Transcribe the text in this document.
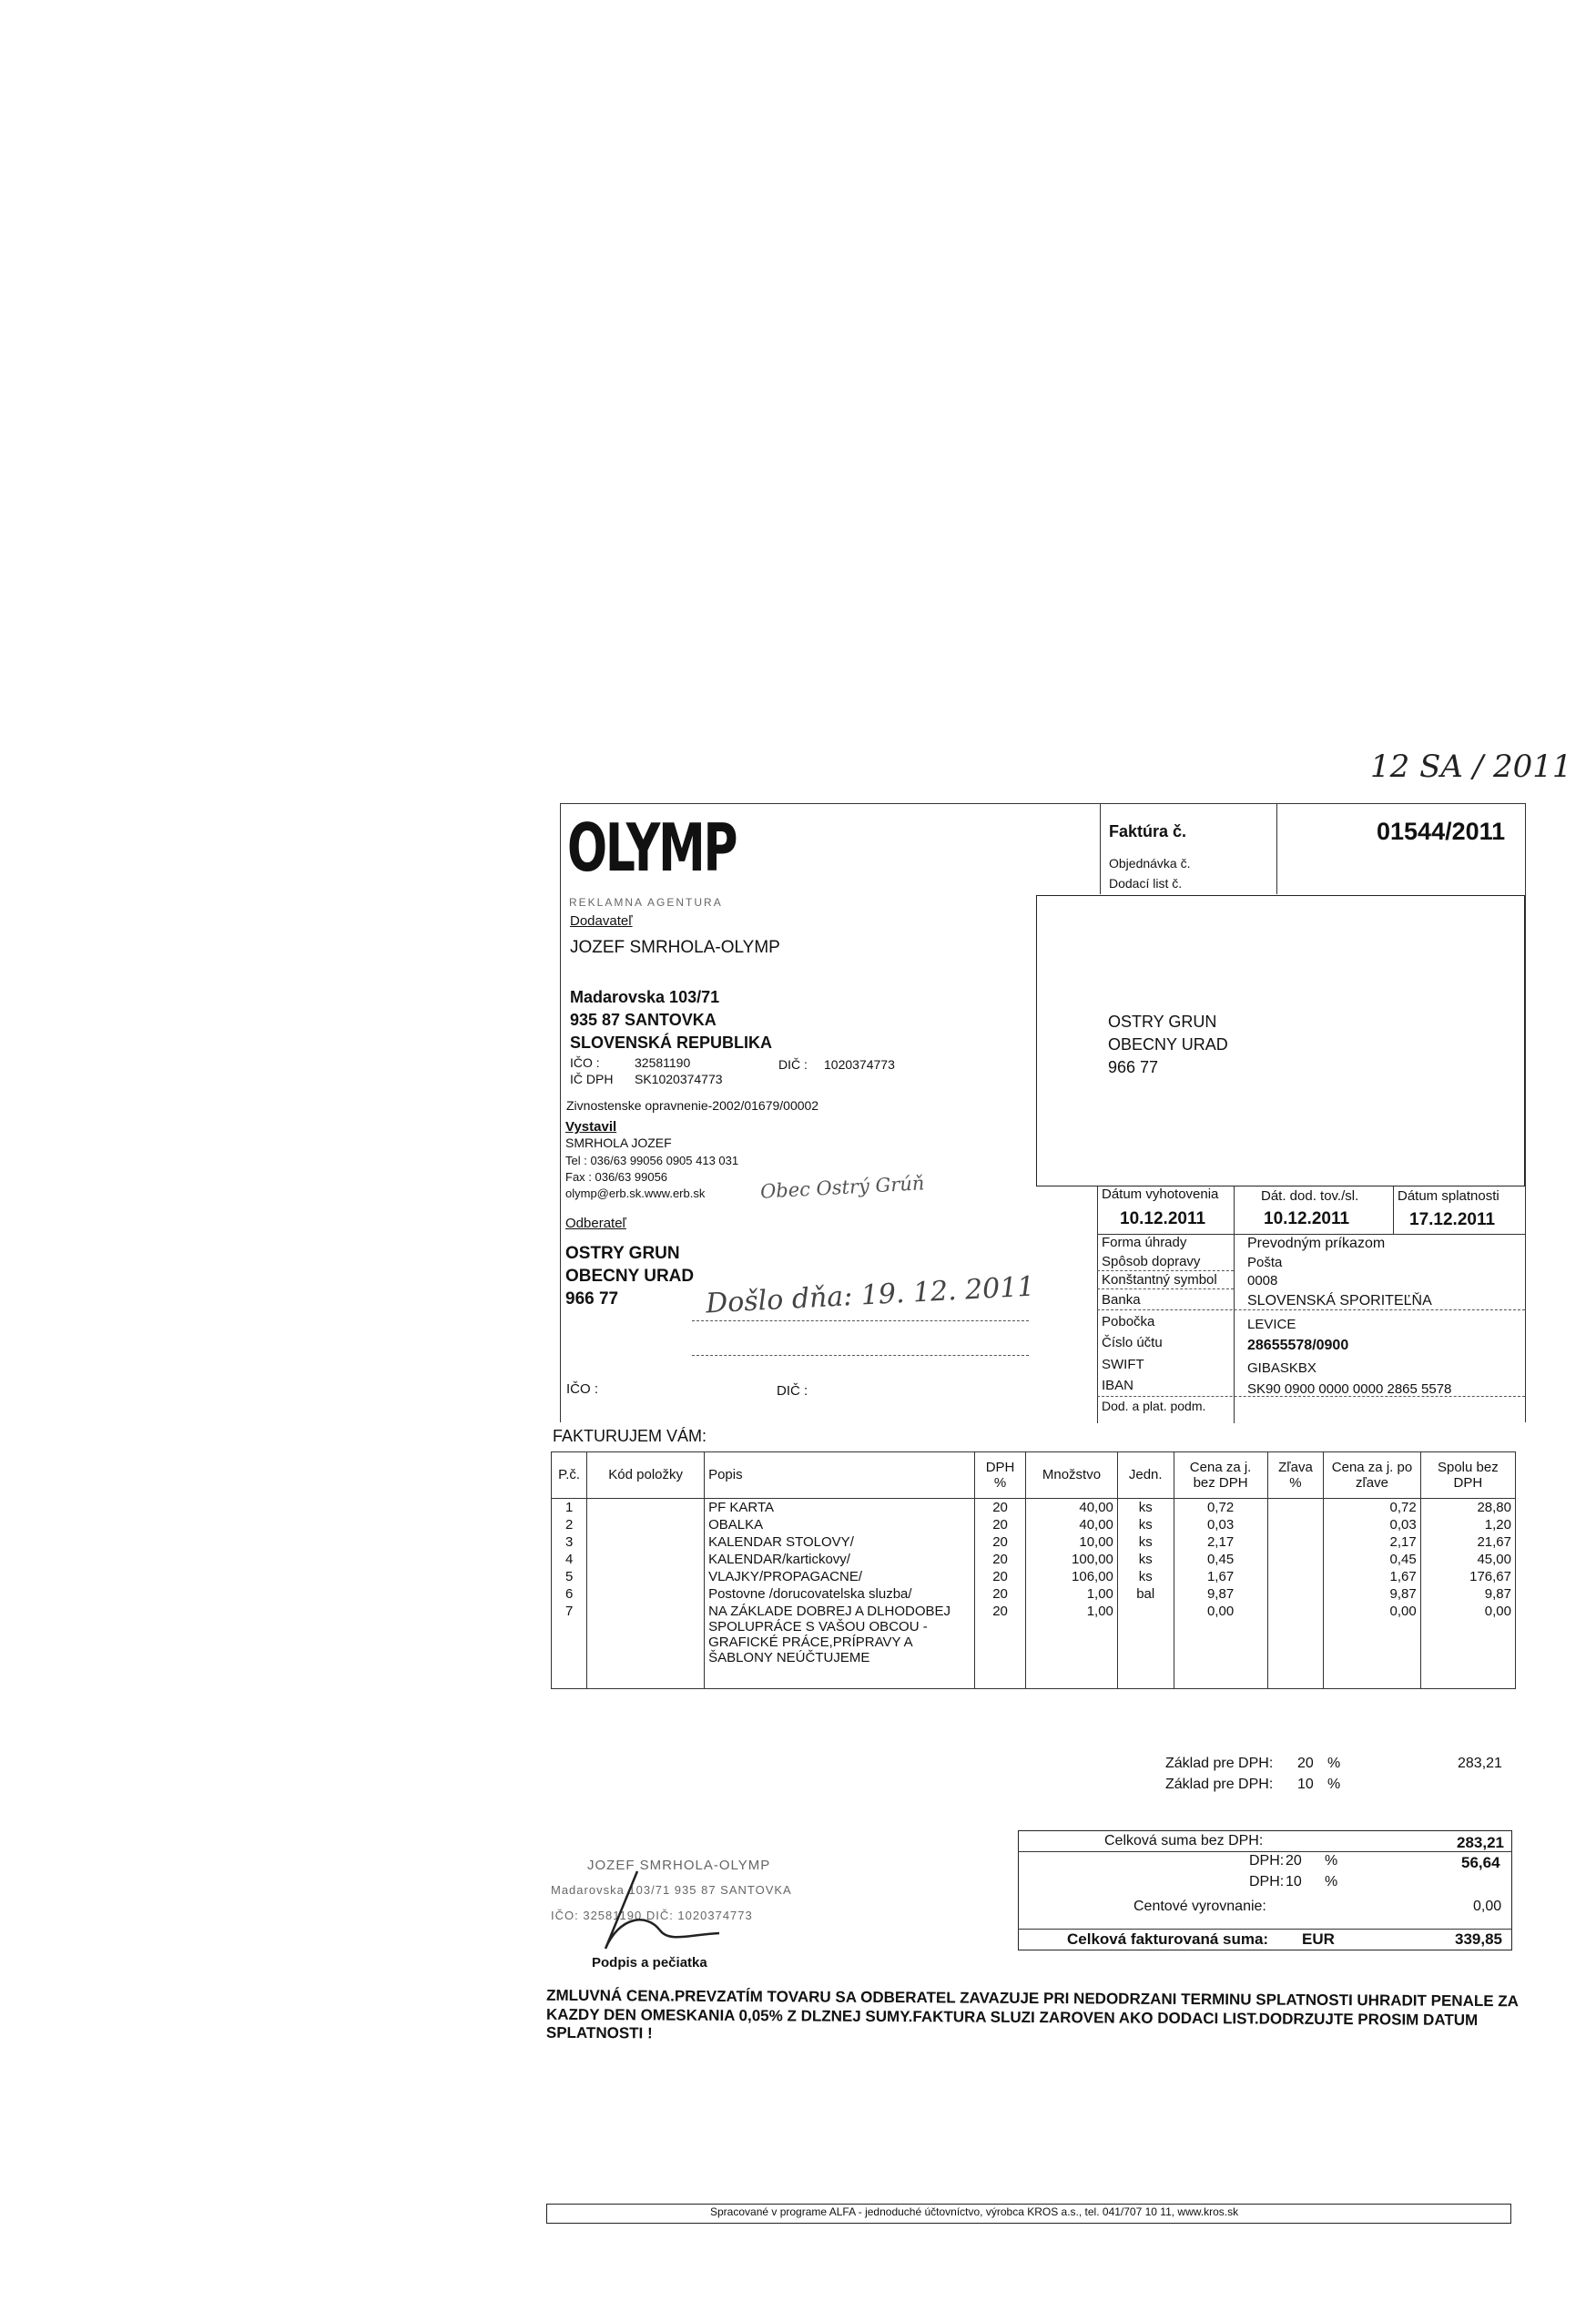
12 SA / 2011
OLYMP
REKLAMNA AGENTURA
Faktúra č.	01544/2011
Objednávka č.
Dodací list č.
Dodavateľ
JOZEF SMRHOLA-OLYMP
Madarovska 103/71
935 87 SANTOVKA
SLOVENSKÁ REPUBLIKA
IČO :	32581190	DIČ : 1020374773
IČ DPH SK1020374773
Zivnostenske opravnenie-2002/01679/00002
Vystavil
SMRHOLA JOZEF
Tel : 036/63 99056 0905 413 031
Fax : 036/63 99056
olymp@erb.sk.www.erb.sk
OSTRY GRUN
OBECNY URAD
966 77
Odberateľ
OSTRY GRUN
OBECNY URAD
966 77
IČO :	DIČ :
Obec Ostrý Grúň
Došlo dňa: 19. 12. 2011
Dátum vyhotovenia	Dát. dod. tov./sl.	Dátum splatnosti
10.12.2011	10.12.2011	17.12.2011
Forma úhrady	Prevodným príkazom
Spôsob dopravy	Pošta
Konštantný symbol 0008
Banka	SLOVENSKÁ SPORITEĽŇA
Pobočka	LEVICE
Číslo účtu	28655578/0900
SWIFT	GIBASKBX
IBAN	SK90 0900 0000 0000 2865 5578
Dod. a plat. podm.
FAKTURUJEM VÁM:
P.č.	Kód položky	Popis	DPH %	Množstvo	Jedn.	Cena za j. bez DPH	Zľava %	Cena za j. po zľave	Spolu bez DPH
1		PF KARTA	20	40,00	ks	0,72		0,72	28,80
2		OBALKA	20	40,00	ks	0,03		0,03	1,20
3		KALENDAR STOLOVY/	20	10,00	ks	2,17		2,17	21,67
4		KALENDAR/kartickovy/	20	100,00	ks	0,45		0,45	45,00
5		VLAJKY/PROPAGACNE/	20	106,00	ks	1,67		1,67	176,67
6		Postovne /dorucovatelska sluzba/	20	1,00	bal	9,87		9,87	9,87
7		NA ZÁKLADE DOBREJ A DLHODOBEJ SPOLUPRÁCE S VAŠOU OBCOU - GRAFICKÉ PRÁCE,PRÍPRAVY A ŠABLONY NEÚČTUJEME	20	1,00		0,00		0,00	0,00
Základ pre DPH: 20 %	283,21
Základ pre DPH: 10 %
Celková suma bez DPH:	283,21
DPH: 20 %	56,64
DPH: 10 %
Centové vyrovnanie:	0,00
Celková fakturovaná suma: EUR	339,85
JOZEF SMRHOLA-OLYMP
Madarovska 103/71 935 87 SANTOVKA
IČO: 32581190 DIČ: 1020374773
Podpis a pečiatka
ZMLUVNÁ CENA.PREVZATÍM TOVARU SA ODBERATEL ZAVAZUJE PRI NEDODRZANI TERMINU SPLATNOSTI UHRADIT PENALE ZA KAZDY DEN OMESKANIA 0,05% Z DLZNEJ SUMY.FAKTURA SLUZI ZAROVEN AKO DODACI LIST.DODRZUJTE PROSIM DATUM SPLATNOSTI !
Spracované v programe ALFA - jednoduché účtovníctvo, výrobca KROS a.s., tel. 041/707 10 11, www.kros.sk
